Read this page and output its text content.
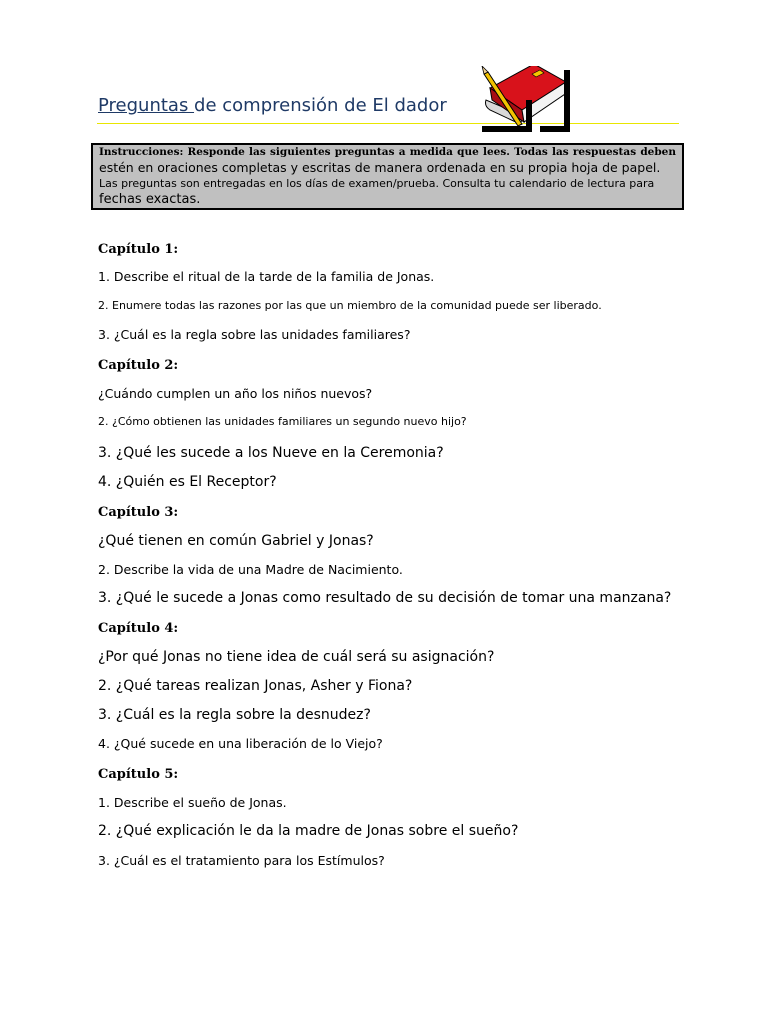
Preguntas de comprensión de El dador
Instrucciones: Responde las siguientes preguntas a medida que lees. Todas las respuestas deben
estén en oraciones completas y escritas de manera ordenada en su propia hoja de papel.
Las preguntas son entregadas en los días de examen/prueba. Consulta tu calendario de lectura para
fechas exactas.
Capítulo 1:
1. Describe el ritual de la tarde de la familia de Jonas.
2. Enumere todas las razones por las que un miembro de la comunidad puede ser liberado.
3. ¿Cuál es la regla sobre las unidades familiares?
Capítulo 2:
¿Cuándo cumplen un año los niños nuevos?
2. ¿Cómo obtienen las unidades familiares un segundo nuevo hijo?
3. ¿Qué les sucede a los Nueve en la Ceremonia?
4. ¿Quién es El Receptor?
Capítulo 3:
¿Qué tienen en común Gabriel y Jonas?
2. Describe la vida de una Madre de Nacimiento.
3. ¿Qué le sucede a Jonas como resultado de su decisión de tomar una manzana?
Capítulo 4:
¿Por qué Jonas no tiene idea de cuál será su asignación?
2. ¿Qué tareas realizan Jonas, Asher y Fiona?
3. ¿Cuál es la regla sobre la desnudez?
4. ¿Qué sucede en una liberación de lo Viejo?
Capítulo 5:
1. Describe el sueño de Jonas.
2. ¿Qué explicación le da la madre de Jonas sobre el sueño?
3. ¿Cuál es el tratamiento para los Estímulos?
